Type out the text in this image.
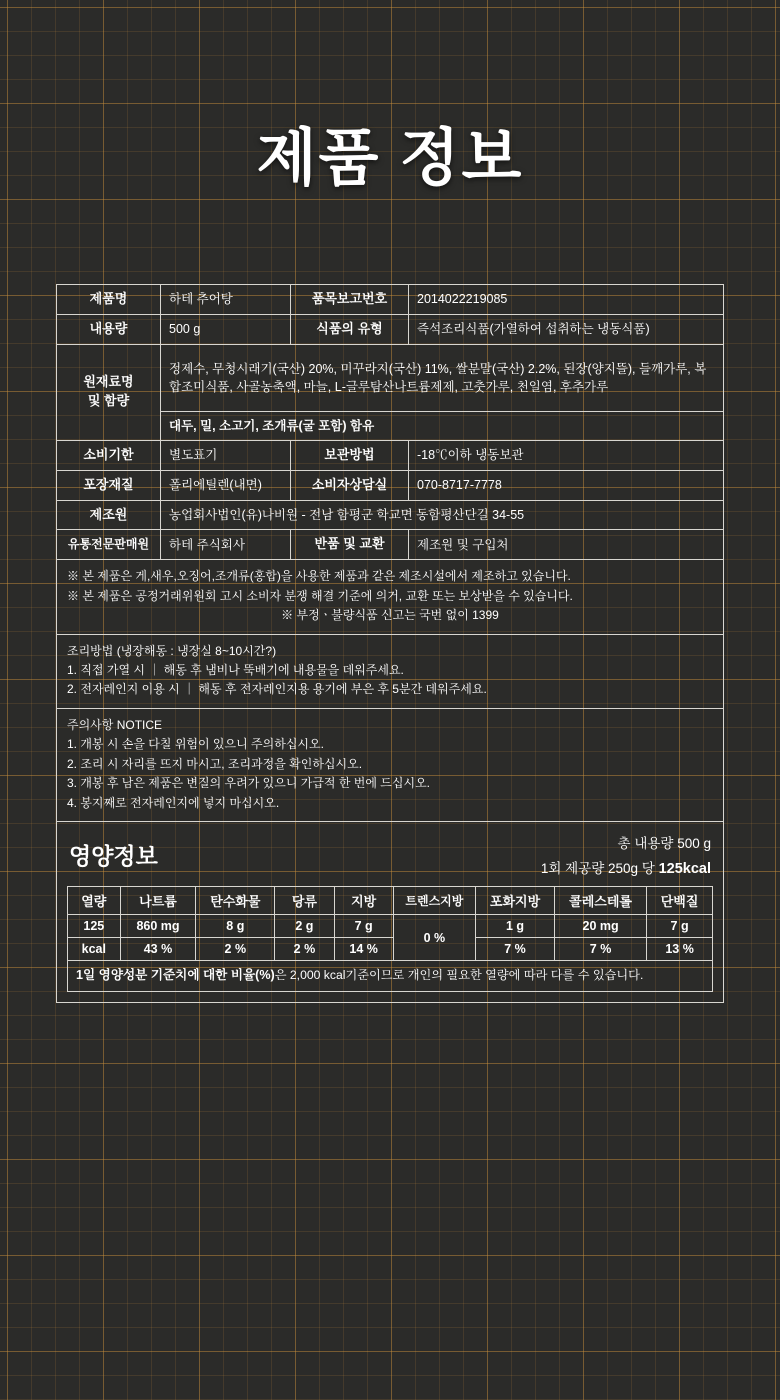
제품 정보
제품명	하테 추어탕	품목보고번호	2014022219085
내용량	500 g	식품의 유형	즉석조리식품(가열하여 섭취하는 냉동식품)
원재료명
및 함량	정제수, 무청시래기(국산) 20%, 미꾸라지(국산) 11%, 쌀분말(국산) 2.2%, 된장(양지뜰), 들깨가루, 복합조미식품, 사골농축액, 마늘, L-글루탐산나트륨제제, 고춧가루, 천일염, 후추가루		
	대두, 밀, 소고기, 조개류(굴 포함) 함유		
소비기한	별도표기	보관방법	-18℃이하 냉동보관
포장재질	폴리에틸렌(내면)	소비자상담실	070-8717-7778
제조원	농업회사법인(유)나비원 - 전남 함평군 학교면 동함평산단길 34-55		
유통전문판매원	하테 주식회사	반품 및 교환	제조원 및 구입처
※ 본 제품은 게,새우,오징어,조개류(홍합)을 사용한 제품과 같은 제조시설에서 제조하고 있습니다.
※ 본 제품은 공정거래위원회 고시 소비자 분쟁 해결 기준에 의거, 교환 또는 보상받을 수 있습니다.
※ 부정ㆍ불량식품 신고는 국번 없이 1399
조리방법 (냉장해동 : 냉장실 8~10시간?)
1. 직접 가열 시 ｜ 해동 후 냄비나 뚝배기에 내용물을 데워주세요.
2. 전자레인지 이용 시 ｜ 해동 후 전자레인지용 용기에 부은 후 5분간 데워주세요.
주의사항 NOTICE
1. 개봉 시 손을 다칠 위험이 있으니 주의하십시오.
2. 조리 시 자리를 뜨지 마시고, 조리과정을 확인하십시오.
3. 개봉 후 남은 제품은 변질의 우려가 있으니 가급적 한 번에 드십시오.
4. 봉지째로 전자레인지에 넣지 마십시오.
영양정보	총 내용량 500 g
1회 제공량 250g 당 125kcal
열량	나트륨	탄수화물	당류	지방	트렌스지방	포화지방	콜레스테롤	단백질
125	860 mg	8 g	2 g	7 g	0 %	1 g	20 mg	7 g
kcal	43 %	2 %	2 %	14 %		7 %	7 %	13 %
1일 영양성분 기준치에 대한 비율(%)은 2,000 kcal기준이므로 개인의 필요한 열량에 따라 다를 수 있습니다.
